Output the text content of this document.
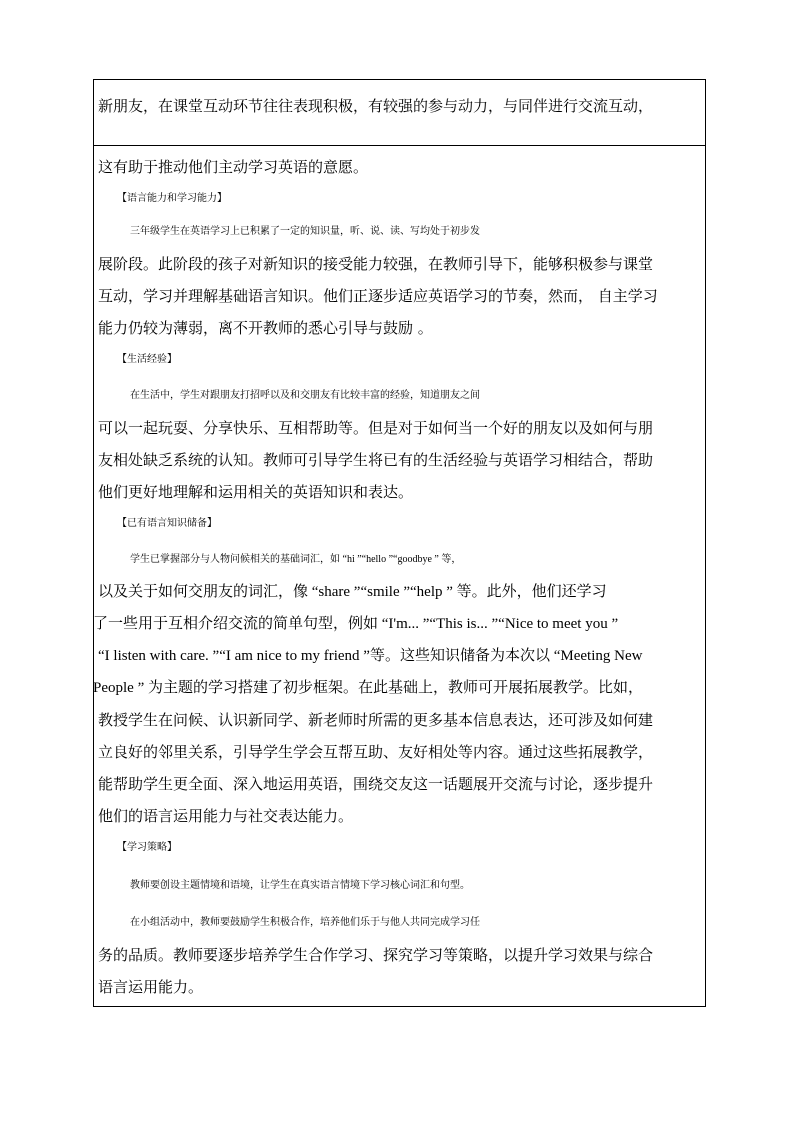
新朋友，在课堂互动环节往往表现积极，有较强的参与动力，与同伴进行交流互动，
这有助于推动他们主动学习英语的意愿。
【语言能力和学习能力】
三年级学生在英语学习上已积累了一定的知识量，听、说、读、写均处于初步发
展阶段。此阶段的孩子对新知识的接受能力较强，在教师引导下，能够积极参与课堂
互动，学习并理解基础语言知识。他们正逐步适应英语学习的节奏，然而， 自主学习
能力仍较为薄弱，离不开教师的悉心引导与鼓励 。
【生活经验】
在生活中，学生对跟朋友打招呼以及和交朋友有比较丰富的经验，知道朋友之间
可以一起玩耍、分享快乐、互相帮助等。但是对于如何当一个好的朋友以及如何与朋
友相处缺乏系统的认知。教师可引导学生将已有的生活经验与英语学习相结合，帮助
他们更好地理解和运用相关的英语知识和表达。
【已有语言知识储备】
学生已掌握部分与人物问候相关的基础词汇，如 “hi ”“hello ”“goodbye ” 等，
以及关于如何交朋友的词汇，像 “share ”“smile ”“help ” 等。此外，他们还学习
了一些用于互相介绍交流的简单句型，例如 “I'm... ”“This is... ”“Nice to meet you ”
“I listen with care. ”“I am nice to my friend ”等。这些知识储备为本次以 “Meeting New
People ” 为主题的学习搭建了初步框架。在此基础上，教师可开展拓展教学。比如，
教授学生在问候、认识新同学、新老师时所需的更多基本信息表达，还可涉及如何建
立良好的邻里关系，引导学生学会互帮互助、友好相处等内容。通过这些拓展教学，
能帮助学生更全面、深入地运用英语，围绕交友这一话题展开交流与讨论，逐步提升
他们的语言运用能力与社交表达能力。
【学习策略】
教师要创设主题情境和语境，让学生在真实语言情境下学习核心词汇和句型。
在小组活动中，教师要鼓励学生积极合作，培养他们乐于与他人共同完成学习任
务的品质。教师要逐步培养学生合作学习、探究学习等策略，以提升学习效果与综合
语言运用能力。
